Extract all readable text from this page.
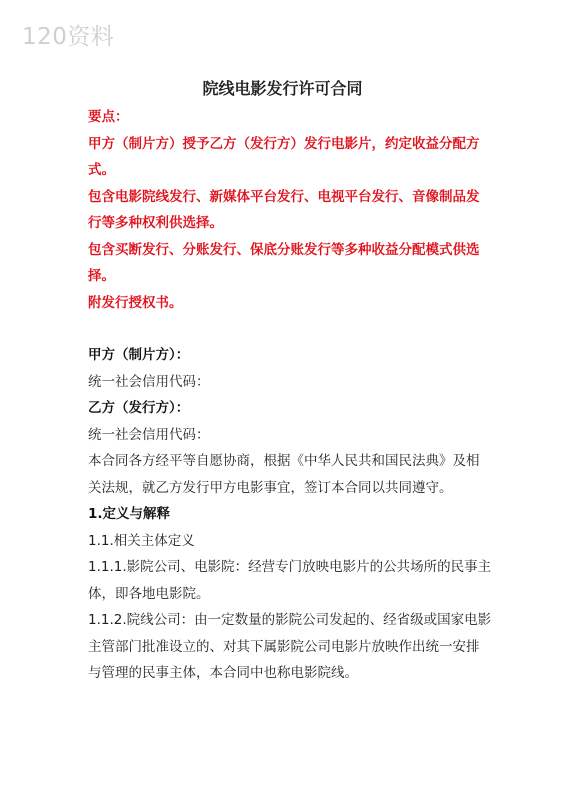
120资料
院线电影发行许可合同

要点：

甲方（制片方）授予乙方（发行方）发行电影片，约定收益分配方

式。

包含电影院线发行、新媒体平台发行、电视平台发行、音像制品发

行等多种权利供选择。

包含买断发行、分账发行、保底分账发行等多种收益分配模式供选

择。

附发行授权书。

甲方（制片方）：

统一社会信用代码：

乙方（发行方）：

统一社会信用代码：

本合同各方经平等自愿协商，根据《中华人民共和国民法典》及相

关法规，就乙方发行甲方电影事宜，签订本合同以共同遵守。

1.定义与解释

1.1.相关主体定义

1.1.1.影院公司、电影院：经营专门放映电影片的公共场所的民事主

体，即各地电影院。

1.1.2.院线公司：由一定数量的影院公司发起的、经省级或国家电影

主管部门批准设立的、对其下属影院公司电影片放映作出统一安排

与管理的民事主体，本合同中也称电影院线。
